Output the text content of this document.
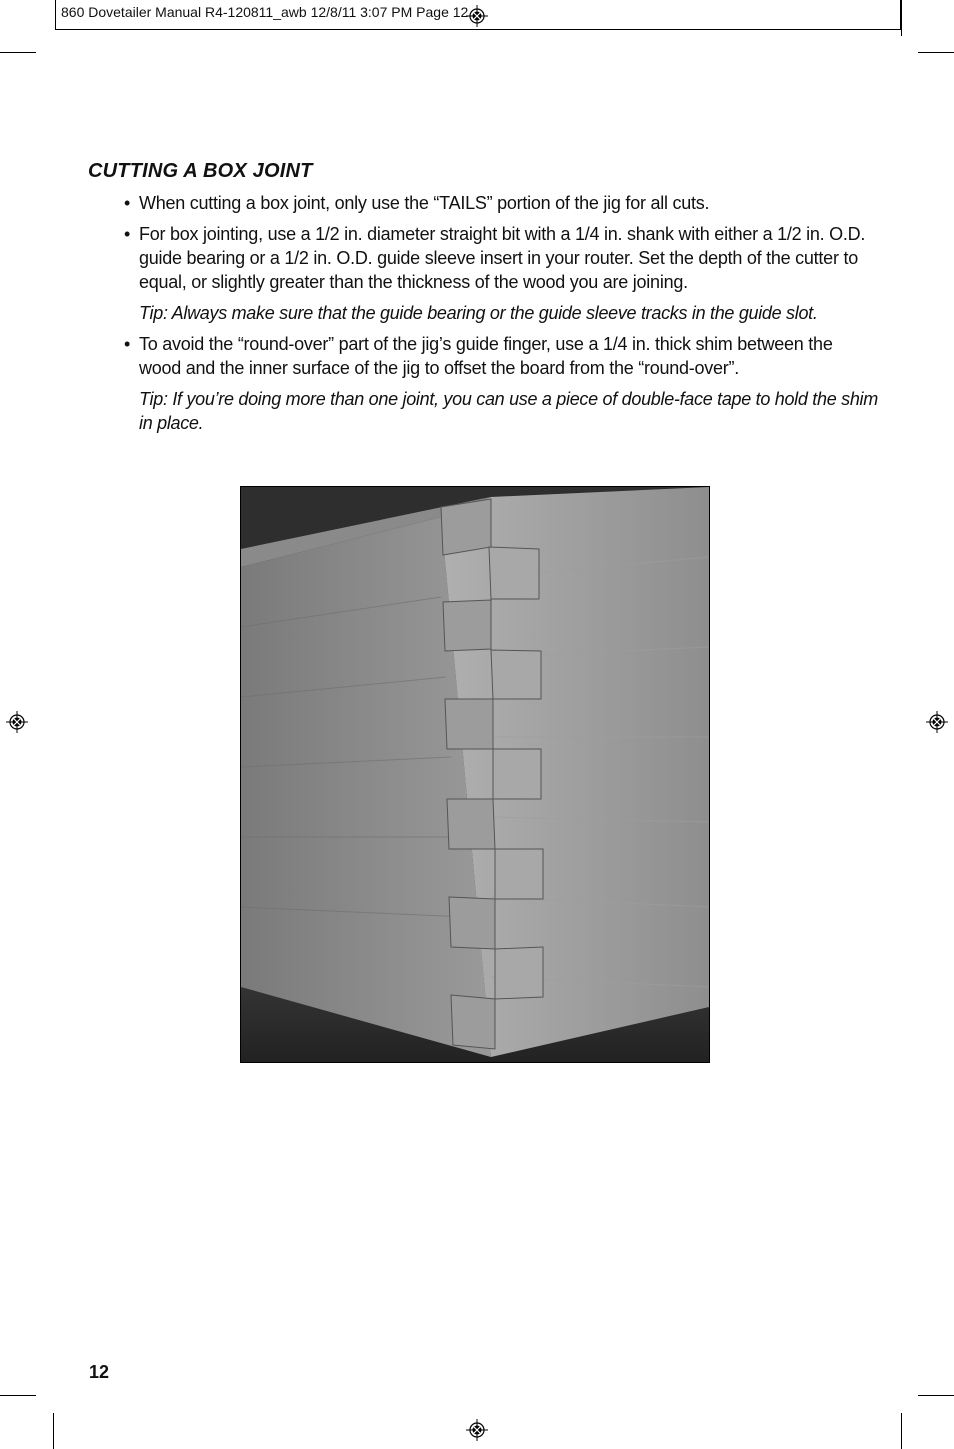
860 Dovetailer Manual R4-120811_awb 12/8/11 3:07 PM Page 12
CUTTING A BOX JOINT
• When cutting a box joint, only use the “TAILS” portion of the jig for all cuts.
• For box jointing, use a 1/2 in. diameter straight bit with a 1/4 in. shank with either a 1/2 in. O.D. guide bearing or a 1/2 in. O.D. guide sleeve insert in your router. Set the depth of the cutter to equal, or slightly greater than the thickness of the wood you are joining.
Tip: Always make sure that the guide bearing or the guide sleeve tracks in the guide slot.
• To avoid the “round-over” part of the jig’s guide finger, use a 1/4 in. thick shim between the wood and the inner surface of the jig to offset the board from the “round-over”.
Tip: If you’re doing more than one joint, you can use a piece of double-face tape to hold the shim in place.
12
